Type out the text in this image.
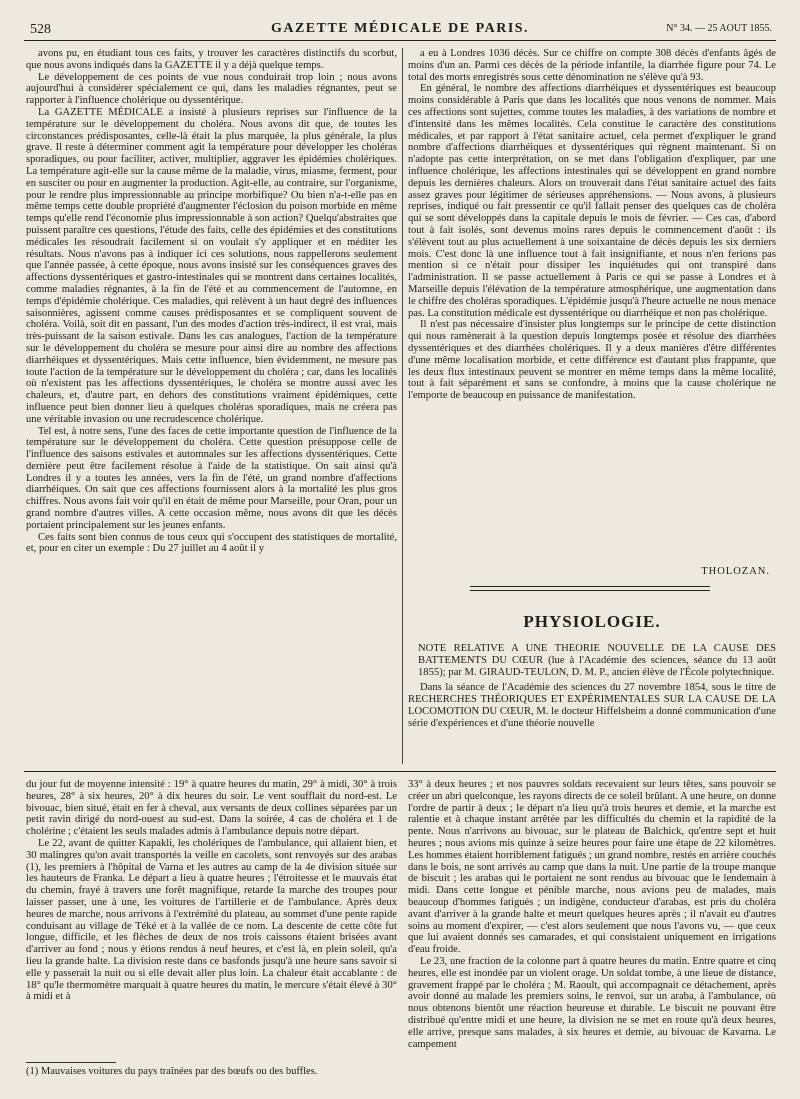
528	GAZETTE MÉDICALE DE PARIS.	N° 34. — 25 AOUT 1855.

avons pu, en étudiant tous ces faits, y trouver les caractères distinctifs du scorbut, que nous avons indiqués dans la GAZETTE il y a déjà quelque temps.

Le développement de ces points de vue nous conduirait trop loin ; nous avons aujourd'hui à considérer spécialement ce qui, dans les maladies régnantes, peut se rapporter à l'influence cholérique ou dyssentérique.

La GAZETTE MÉDICALE a insisté à plusieurs reprises sur l'influence de la température sur le développement du choléra. Nous avons dit que, de toutes les circonstances prédisposantes, celle-là était la plus marquée, la plus générale, la plus grave. Il reste à déterminer comment agit la température pour développer les choléras sporadiques, ou pour faciliter, activer, multiplier, aggraver les épidémies cholériques. La température agit-elle sur la cause même de la maladie, virus, miasme, ferment, pour en susciter ou pour en augmenter la production. Agit-elle, au contraire, sur l'organisme, pour le rendre plus impressionnable au principe morbifique? Ou bien n'a-t-elle pas en même temps cette double propriété d'augmenter l'éclosion du poison morbide en même temps qu'elle rend l'économie plus impressionnable à son action? Quelqu'abstraites que puissent paraître ces questions, l'étude des faits, celle des épidémies et des constitutions médicales les résoudrait facilement si on voulait s'y appliquer et en méditer les résultats. Nous n'avons pas à indiquer ici ces solutions, nous rappellerons seulement que l'année passée, à cette époque, nous avons insisté sur les conséquences graves des affections dyssentériques et gastro-intestinales qui se montrent dans certaines localités, comme maladies régnantes, à la fin de l'été et au commencement de l'automne, en temps d'épidémie cholérique. Ces maladies, qui relèvent à un haut degré des influences saisonnières, agissent comme causes prédisposantes et se compliquent souvent de choléra. Voilà, soit dit en passant, l'un des modes d'action très-indirect, il est vrai, mais très-puissant de la saison estivale. Dans les cas analogues, l'action de la température sur le développement du choléra se mesure pour ainsi dire au nombre des affections diarrhéiques et dyssentériques. Mais cette influence, bien évidemment, ne mesure pas toute l'action de la température sur le développement du choléra ; car, dans les localités où n'existent pas les affections dyssentériques, le choléra se montre aussi avec les chaleurs, et, d'autre part, en dehors des constitutions vraiment épidémiques, cette influence peut bien donner lieu à quelques choléras sporadiques, mais ne créera pas une véritable invasion ou une recrudescence cholérique.

Tel est, à notre sens, l'une des faces de cette importante question de l'influence de la température sur le développement du choléra. Cette question présuppose celle de l'influence des saisons estivales et automnales sur les affections dyssentériques. Cette dernière peut être facilement résolue à l'aide de la statistique. On sait ainsi qu'à Londres il y a toutes les années, vers la fin de l'été, un grand nombre d'affections diarrhéiques. On sait que ces affections fournissent alors à la mortalité les plus gros chiffres. Nous avons fait voir qu'il en était de même pour Marseille, pour Oran, pour un grand nombre d'autres villes. A cette occasion même, nous avons dit que les décès portaient principalement sur les jeunes enfants.

Ces faits sont bien connus de tous ceux qui s'occupent des statistiques de mortalité, et, pour en citer un exemple : Du 27 juillet au 4 août il y

a eu à Londres 1036 décès. Sur ce chiffre on compte 308 décès d'enfants âgés de moins d'un an. Parmi ces décès de la période infantile, la diarrhée figure pour 74. Le total des morts enregistrés sous cette dénomination ne s'élève qu'à 93.

En général, le nombre des affections diarrhéiques et dyssentériques est beaucoup moins considérable à Paris que dans les localités que nous venons de nommer. Mais ces affections sont sujettes, comme toutes les maladies, à des variations de nombre et d'intensité dans les mêmes localités. Cela constitue le caractère des constitutions médicales, et par rapport à l'état sanitaire actuel, cela permet d'expliquer le grand nombre d'affections diarrhéiques et dyssentériques qui règnent maintenant. Si on n'adopte pas cette interprétation, on se met dans l'obligation d'expliquer, par une influence cholérique, les affections intestinales qui se développent en grand nombre depuis les dernières chaleurs. Alors on trouverait dans l'état sanitaire actuel des faits assez graves pour légitimer de sérieuses appréhensions. — Nous avons, à plusieurs reprises, indiqué ou fait pressentir ce qu'il fallait penser des quelques cas de choléra qui se sont développés dans la capitale depuis le mois de février. — Ces cas, d'abord tout à fait isolés, sont devenus moins rares depuis le commencement d'août : ils s'élèvent tout au plus actuellement à une soixantaine de décès depuis les six derniers mois. C'est donc là une influence tout à fait insignifiante, et nous n'en ferions pas mention si ce n'était pour dissiper les inquiétudes qui ont transpiré dans l'administration. Il se passe actuellement à Paris ce qui se passe à Londres et à Marseille depuis l'élévation de la température atmosphérique, une augmentation dans le chiffre des choléras sporadiques. L'épidémie jusqu'à l'heure actuelle ne nous menace pas. La constitution médicale est dyssentérique ou diarrhéique et non pas cholérique.

Il n'est pas nécessaire d'insister plus longtemps sur le principe de cette distinction qui nous ramènerait à la question depuis longtemps posée et résolue des diarrhées dyssentériques et des diarrhées cholériques. Il y a deux manières d'être différentes d'une même localisation morbide, et cette différence est d'autant plus frappante, que les deux flux intestinaux peuvent se montrer en même temps dans la même localité, tout à fait séparément et sans se confondre, à moins que la cause cholérique ne l'emporte de beaucoup en puissance de manifestation.

THOLOZAN.
PHYSIOLOGIE.

NOTE RELATIVE A UNE THÉORIE NOUVELLE DE LA CAUSE DES BATTEMENTS DU CŒUR (lue à l'Académie des sciences, séance du 13 août 1855); par M. GIRAUD-TEULON, D. M. P., ancien élève de l'École polytechnique.

Dans la séance de l'Académie des sciences du 27 novembre 1854, sous le titre de RECHERCHES THÉORIQUES ET EXPÉRIMENTALES SUR LA CAUSE DE LA LOCOMOTION DU CŒUR, M. le docteur Hiffelsheim a donné communication d'une série d'expériences et d'une théorie nouvelle

du jour fut de moyenne intensité : 19° à quatre heures du matin, 29° à midi, 30° à trois heures, 28° à six heures, 20° à dix heures du soir. Le vent soufflait du nord-est. Le bivouac, bien situé, était en fer à cheval, aux versants de deux collines séparées par un petit ravin dirigé du nord-ouest au sud-est. Dans la soirée, 4 cas de choléra et 1 de cholérine ; c'étaient les seuls malades admis à l'ambulance depuis notre départ.

Le 22, avant de quitter Kapakli, les cholériques de l'ambulance, qui allaient bien, et 30 malingres qu'on avait transportés la veille en cacolets, sont renvoyés sur des arabas (1), les premiers à l'hôpital de Varna et les autres au camp de la 4e division située sur les hauteurs de Franka. Le départ a lieu à quatre heures ; l'étroitesse et le mauvais état du chemin, frayé à travers une forêt magnifique, retarde la marche des troupes pour laisser passer, une à une, les voitures de l'artillerie et de l'ambulance. Après deux heures de marche, nous arrivons à l'extrémité du plateau, au sommet d'une pente rapide conduisant au village de Téké et à la vallée de ce nom. La descente de cette côte fut longue, difficile, et les flèches de deux de nos trois caissons étaient brisées avant d'arriver au fond ; nous y étions rendus à neuf heures, et c'est là, en plein soleil, qu'a lieu la grande halte. La division reste dans ce basfonds jusqu'à une heure sans savoir si elle y passerait la nuit ou si elle devait aller plus loin. La chaleur était accablante : de 18° qu'le thermomètre marquait à quatre heures du matin, le mercure s'était élevé à 30° à midi et à

33° à deux heures ; et nos pauvres soldats recevaient sur leurs têtes, sans pouvoir se créer un abri quelconque, les rayons directs de ce soleil brûlant. A une heure, on donne l'ordre de partir à deux ; le départ n'a lieu qu'à trois heures et demie, et la marche est ralentie et à chaque instant arrêtée par les difficultés du chemin et la rapidité de la pente. Nous n'arrivons au bivouac, sur le plateau de Balchick, qu'entre sept et huit heures ; nous avions mis quinze à seize heures pour faire une étape de 22 kilomètres. Les hommes étaient horriblement fatigués ; un grand nombre, restés en arrière couchés dans le bois, ne sont arrivés au camp que dans la nuit. Une partie de la troupe manque de biscuit ; les arabas qui le portaient ne sont rendus au bivouac que le lendemain à midi. Dans cette longue et pénible marche, nous avions peu de malades, mais beaucoup d'hommes fatigués ; un indigène, conducteur d'arabas, est pris du choléra avant d'arriver à la grande halte et meurt quelques heures après ; il n'avait eu d'autres soins au moment d'expirer, — c'est alors seulement que nous l'avons vu, — que ceux que lui avaient donnés ses camarades, et qui consistaient uniquement en irrigations d'eau froide.

Le 23, une fraction de la colonne part à quatre heures du matin. Entre quatre et cinq heures, elle est inondée par un violent orage. Un soldat tombe, à une lieue de distance, gravement frappé par le choléra ; M. Raoult, qui accompagnait ce détachement, après avoir donné au malade les premiers soins, le renvoi, sur un araba, à l'ambulance, où nous obtenons bientôt une réaction heureuse et durable. Le biscuit ne pouvant être distribué qu'entre midi et une heure, la division ne se met en route qu'à deux heures, elle arrive, presque sans malades, à six heures et demie, au bivouac de Kavarna. Le campement

(1) Mauvaises voitures du pays traînées par des bœufs ou des buffles.
